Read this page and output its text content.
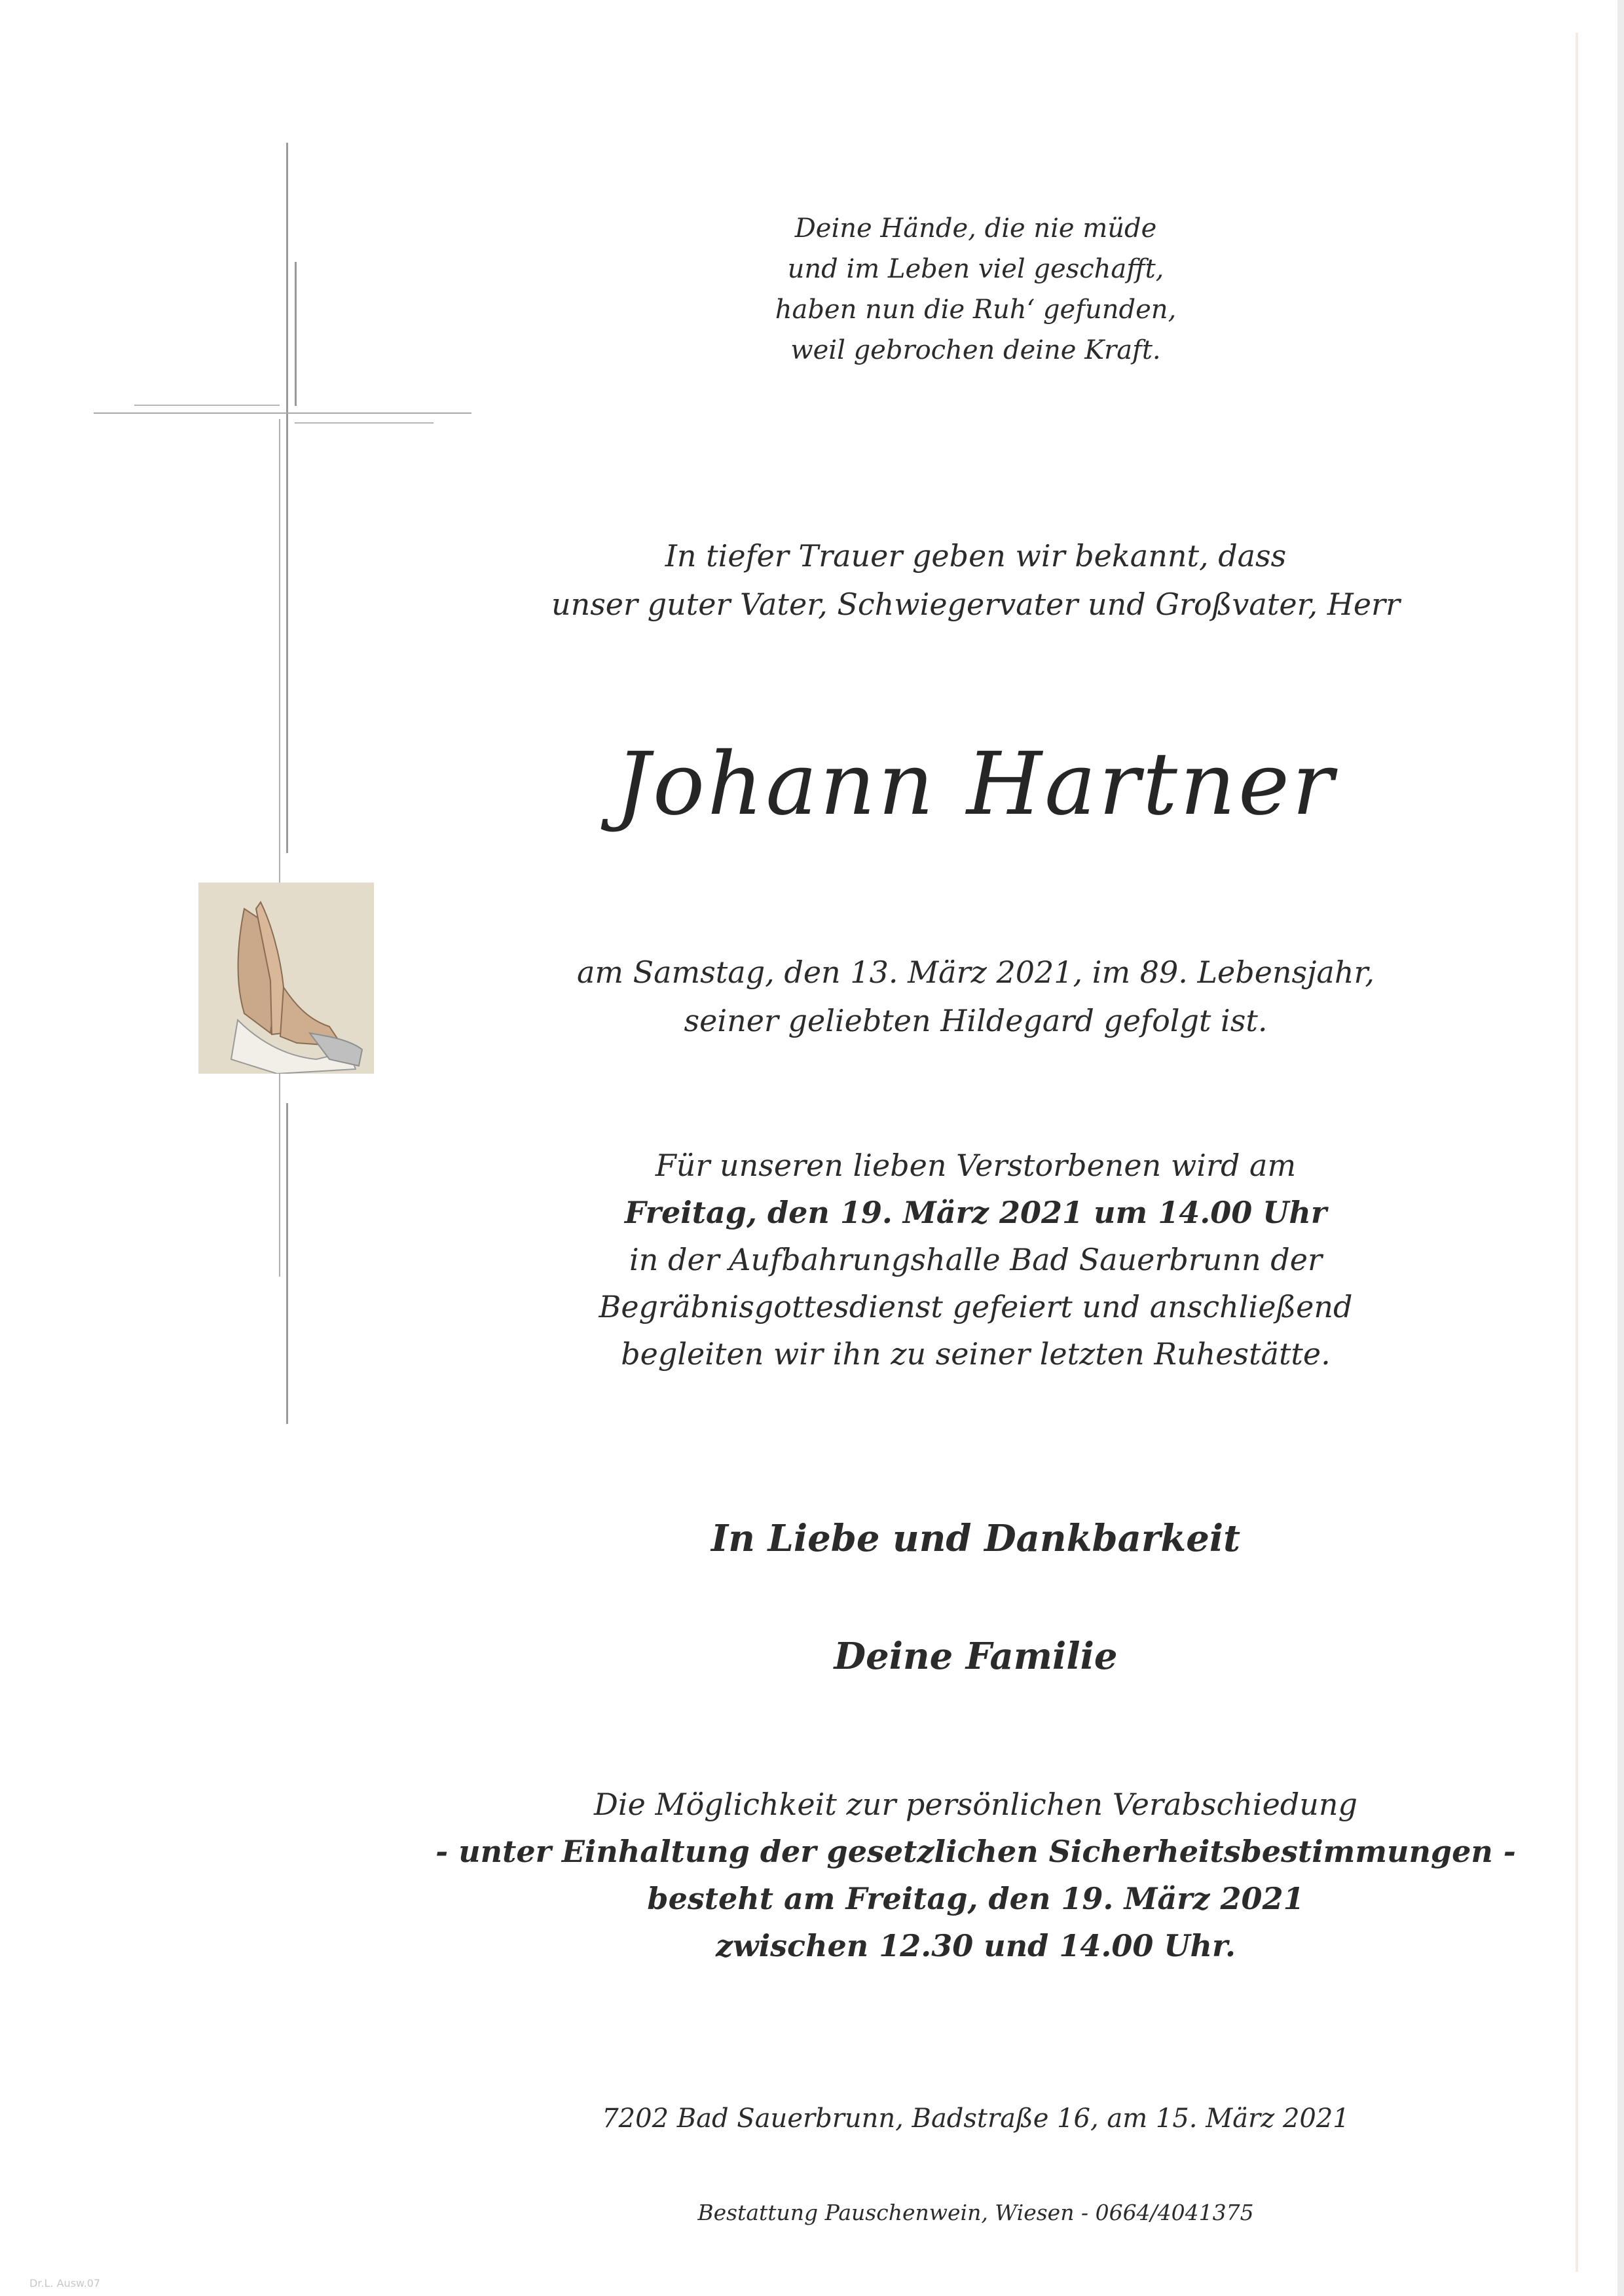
Deine Hände, die nie müde
und im Leben viel geschafft,
haben nun die Ruh‘ gefunden,
weil gebrochen deine Kraft.
In tiefer Trauer geben wir bekannt, dass
unser guter Vater, Schwiegervater und Großvater, Herr
Johann Hartner
am Samstag, den 13. März 2021, im 89. Lebensjahr,
seiner geliebten Hildegard gefolgt ist.
Für unseren lieben Verstorbenen wird am
Freitag, den 19. März 2021 um 14.00 Uhr
in der Aufbahrungshalle Bad Sauerbrunn der
Begräbnisgottesdienst gefeiert und anschließend
begleiten wir ihn zu seiner letzten Ruhestätte.
In Liebe und Dankbarkeit
Deine Familie
Die Möglichkeit zur persönlichen Verabschiedung
- unter Einhaltung der gesetzlichen Sicherheitsbestimmungen -
besteht am Freitag, den 19. März 2021
zwischen 12.30 und 14.00 Uhr.
7202 Bad Sauerbrunn, Badstraße 16, am 15. März 2021
Bestattung Pauschenwein, Wiesen - 0664/4041375
Dr.L. Ausw.07
